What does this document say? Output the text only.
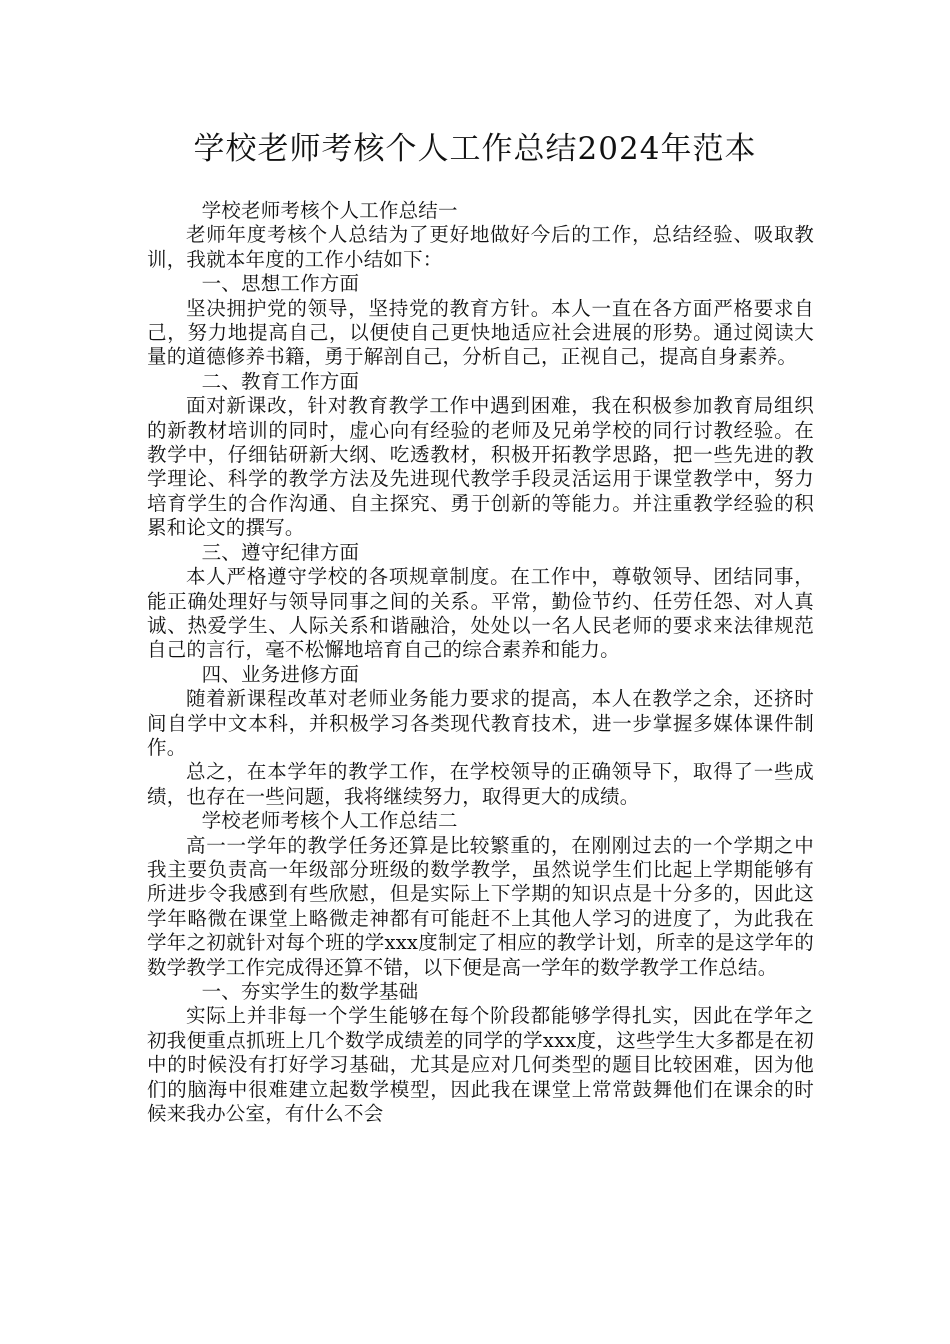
学校老师考核个人工作总结2024年范本

学校老师考核个人工作总结一

老师年度考核个人总结为了更好地做好今后的工作，总结经验、吸取教训，我就本年度的工作小结如下：

一、思想工作方面

坚决拥护党的领导，坚持党的教育方针。本人一直在各方面严格要求自己，努力地提高自己，以便使自己更快地适应社会进展的形势。通过阅读大量的道德修养书籍，勇于解剖自己，分析自己，正视自己，提高自身素养。

二、教育工作方面

面对新课改，针对教育教学工作中遇到困难，我在积极参加教育局组织的新教材培训的同时，虚心向有经验的老师及兄弟学校的同行讨教经验。在教学中，仔细钻研新大纲、吃透教材，积极开拓教学思路，把一些先进的教学理论、科学的教学方法及先进现代教学手段灵活运用于课堂教学中，努力培育学生的合作沟通、自主探究、勇于创新的等能力。并注重教学经验的积累和论文的撰写。

三、遵守纪律方面

本人严格遵守学校的各项规章制度。在工作中，尊敬领导、团结同事，能正确处理好与领导同事之间的关系。平常，勤俭节约、任劳任怨、对人真诚、热爱学生、人际关系和谐融洽，处处以一名人民老师的要求来法律规范自己的言行，毫不松懈地培育自己的综合素养和能力。

四、业务进修方面

随着新课程改革对老师业务能力要求的提高，本人在教学之余，还挤时间自学中文本科，并积极学习各类现代教育技术，进一步掌握多媒体课件制作。

总之，在本学年的教学工作，在学校领导的正确领导下，取得了一些成绩，也存在一些问题，我将继续努力，取得更大的成绩。

学校老师考核个人工作总结二

高一一学年的教学任务还算是比较繁重的，在刚刚过去的一个学期之中我主要负责高一年级部分班级的数学教学，虽然说学生们比起上学期能够有所进步令我感到有些欣慰，但是实际上下学期的知识点是十分多的，因此这学年略微在课堂上略微走神都有可能赶不上其他人学习的进度了，为此我在学年之初就针对每个班的学xxx度制定了相应的教学计划，所幸的是这学年的数学教学工作完成得还算不错，以下便是高一学年的数学教学工作总结。

一、夯实学生的数学基础

实际上并非每一个学生能够在每个阶段都能够学得扎实，因此在学年之初我便重点抓班上几个数学成绩差的同学的学xxx度，这些学生大多都是在初中的时候没有打好学习基础，尤其是应对几何类型的题目比较困难，因为他们的脑海中很难建立起数学模型，因此我在课堂上常常鼓舞他们在课余的时候来我办公室，有什么不会
